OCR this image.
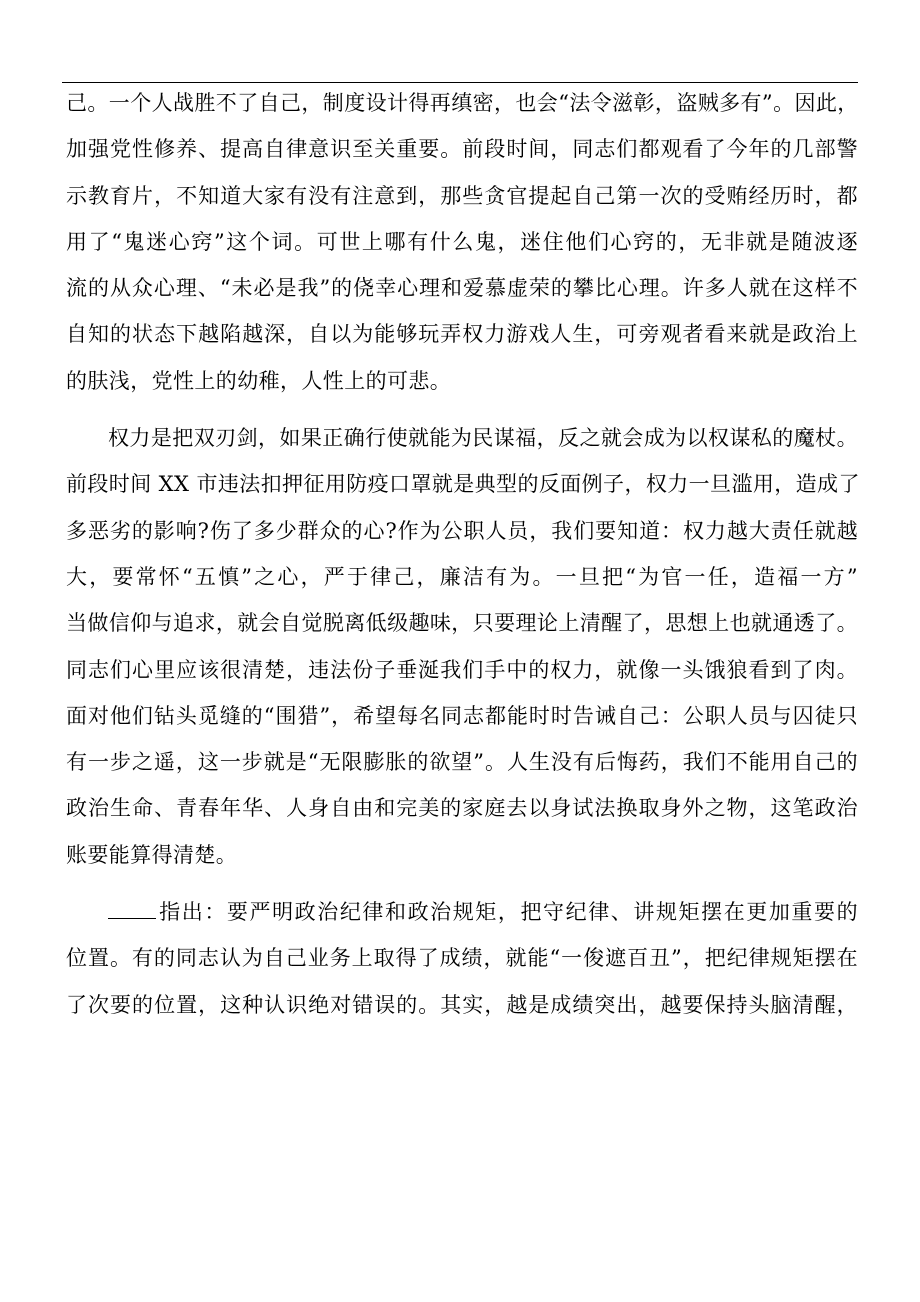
己。一个人战胜不了自己，制度设计得再缜密，也会“法令滋彰，盗贼多有”。因此，
加强党性修养、提高自律意识至关重要。前段时间，同志们都观看了今年的几部警
示教育片，不知道大家有没有注意到，那些贪官提起自己第一次的受贿经历时，都
用了“鬼迷心窍”这个词。可世上哪有什么鬼，迷住他们心窍的，无非就是随波逐
流的从众心理、“未必是我”的侥幸心理和爱慕虚荣的攀比心理。许多人就在这样不
自知的状态下越陷越深，自以为能够玩弄权力游戏人生，可旁观者看来就是政治上
的肤浅，党性上的幼稚，人性上的可悲。
权力是把双刃剑，如果正确行使就能为民谋福，反之就会成为以权谋私的魔杖。
前段时间 XX 市违法扣押征用防疫口罩就是典型的反面例子，权力一旦滥用，造成了
多恶劣的影响?伤了多少群众的心?作为公职人员，我们要知道：权力越大责任就越
大，要常怀“五慎”之心，严于律己，廉洁有为。一旦把“为官一任，造福一方”
当做信仰与追求，就会自觉脱离低级趣味，只要理论上清醒了，思想上也就通透了。
同志们心里应该很清楚，违法份子垂涎我们手中的权力，就像一头饿狼看到了肉。
面对他们钻头觅缝的“围猎”，希望每名同志都能时时告诫自己：公职人员与囚徒只
有一步之遥，这一步就是“无限膨胀的欲望”。人生没有后悔药，我们不能用自己的
政治生命、青春年华、人身自由和完美的家庭去以身试法换取身外之物，这笔政治
账要能算得清楚。
指出：要严明政治纪律和政治规矩，把守纪律、讲规矩摆在更加重要的
位置。有的同志认为自己业务上取得了成绩，就能“一俊遮百丑”，把纪律规矩摆在
了次要的位置，这种认识绝对错误的。其实，越是成绩突出，越要保持头脑清醒，
